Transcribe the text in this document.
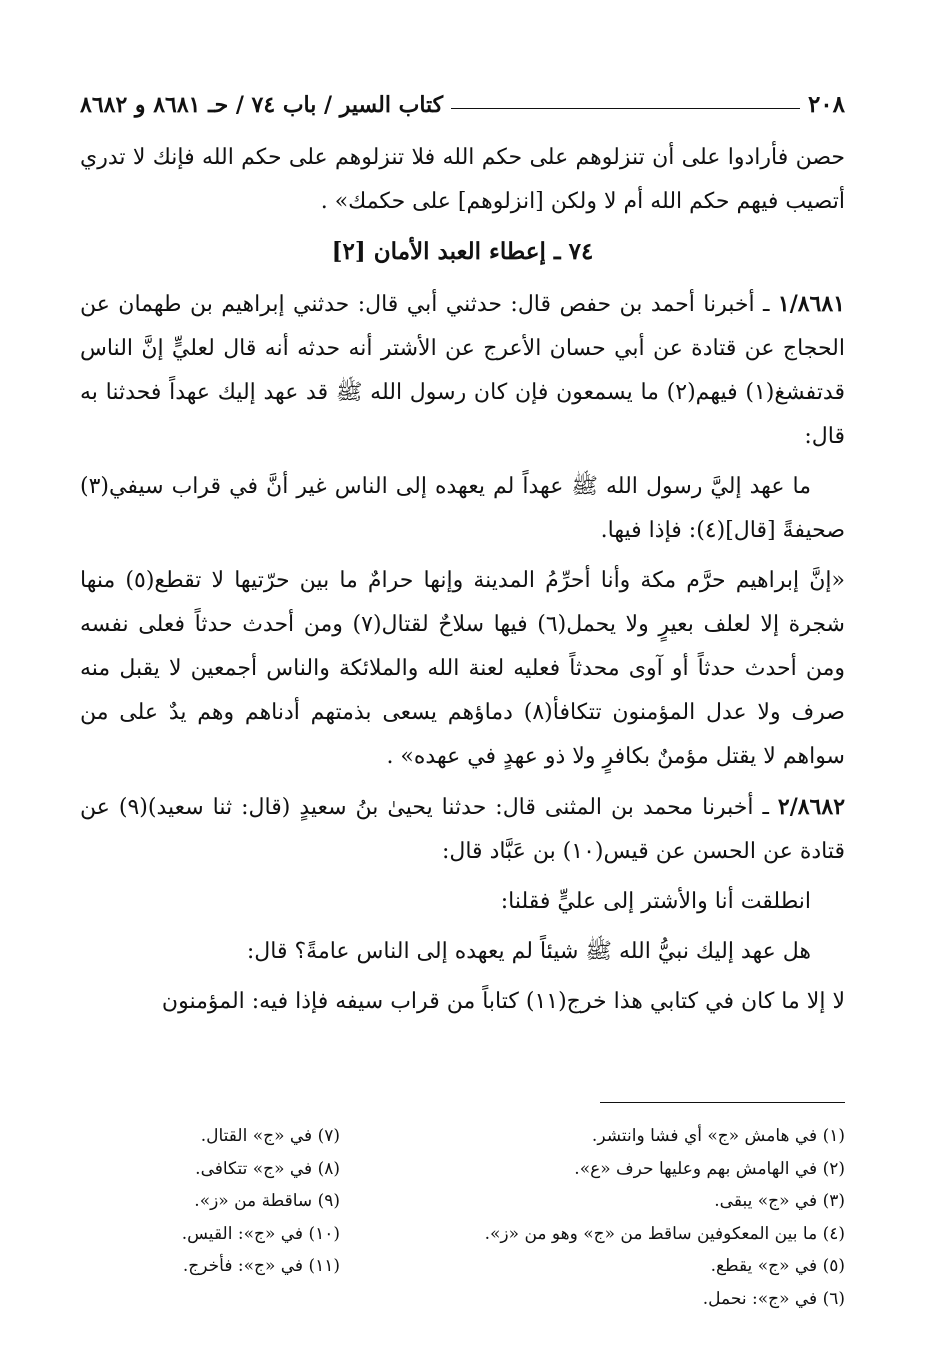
٢٠٨
كتاب السير / باب ٧٤ / حـ ٨٦٨١ و ٨٦٨٢

حصن فأرادوا على أن تنزلوهم على حكم الله فلا تنزلوهم على حكم الله فإنك لا تدري أتصيب فيهم حكم الله أم لا ولكن [انزلوهم] على حكمك» .

٧٤ ـ إعطاء العبد الأمان [٢]

١/٨٦٨١ ـ أخبرنا أحمد بن حفص قال: حدثني أبي قال: حدثني إبراهيم بن طهمان عن الحجاج عن قتادة عن أبي حسان الأعرج عن الأشتر أنه حدثه أنه قال لعليٍّ إنَّ الناس قدتفشغ(١) فيهم(٢) ما يسمعون فإن كان رسول الله ﷺ قد عهد إليك عهداً فحدثنا به قال:

ما عهد إليَّ رسول الله ﷺ عهداً لم يعهده إلى الناس غير أنَّ في قراب سيفي(٣) صحيفةً [قال](٤): فإذا فيها.

«إنَّ إبراهيم حرَّم مكة وأنا أحرِّمُ المدينة وإنها حرامٌ ما بين حرّتيها لا تقطع(٥) منها شجرة إلا لعلف بعيرٍ ولا يحمل(٦) فيها سلاحٌ لقتال(٧) ومن أحدث حدثاً فعلى نفسه ومن أحدث حدثاً أو آوى محدثاً فعليه لعنة الله والملائكة والناس أجمعين لا يقبل منه صرف ولا عدل المؤمنون تتكافأ(٨) دماؤهم يسعى بذمتهم أدناهم وهم يدٌ على من سواهم لا يقتل مؤمنٌ بكافرٍ ولا ذو عهدٍ في عهده» .

٢/٨٦٨٢ ـ أخبرنا محمد بن المثنى قال: حدثنا يحيىٰ بنُ سعيدٍ (قال: ثنا سعيد)(٩) عن قتادة عن الحسن عن قيس(١٠) بن عَبَّاد قال:

انطلقت أنا والأشتر إلى عليٍّ فقلنا:

هل عهد إليك نبيُّ الله ﷺ شيئاً لم يعهده إلى الناس عامةً؟ قال:

لا إلا ما كان في كتابي هذا خرج(١١) كتاباً من قراب سيفه فإذا فيه: المؤمنون

(١) في هامش «ج» أي فشا وانتشر.
(٢) في الهامش بهم وعليها حرف «ع».
(٣) في «ج» يبقى.
(٤) ما بين المعكوفين ساقط من «ج» وهو من «ز».
(٥) في «ج» يقطع.
(٦) في «ج»: نحمل.
(٧) في «ج» القتال.
(٨) في «ج» تتكافى.
(٩) ساقطة من «ز».
(١٠) في «ج»: القيس.
(١١) في «ج»: فأخرج.
